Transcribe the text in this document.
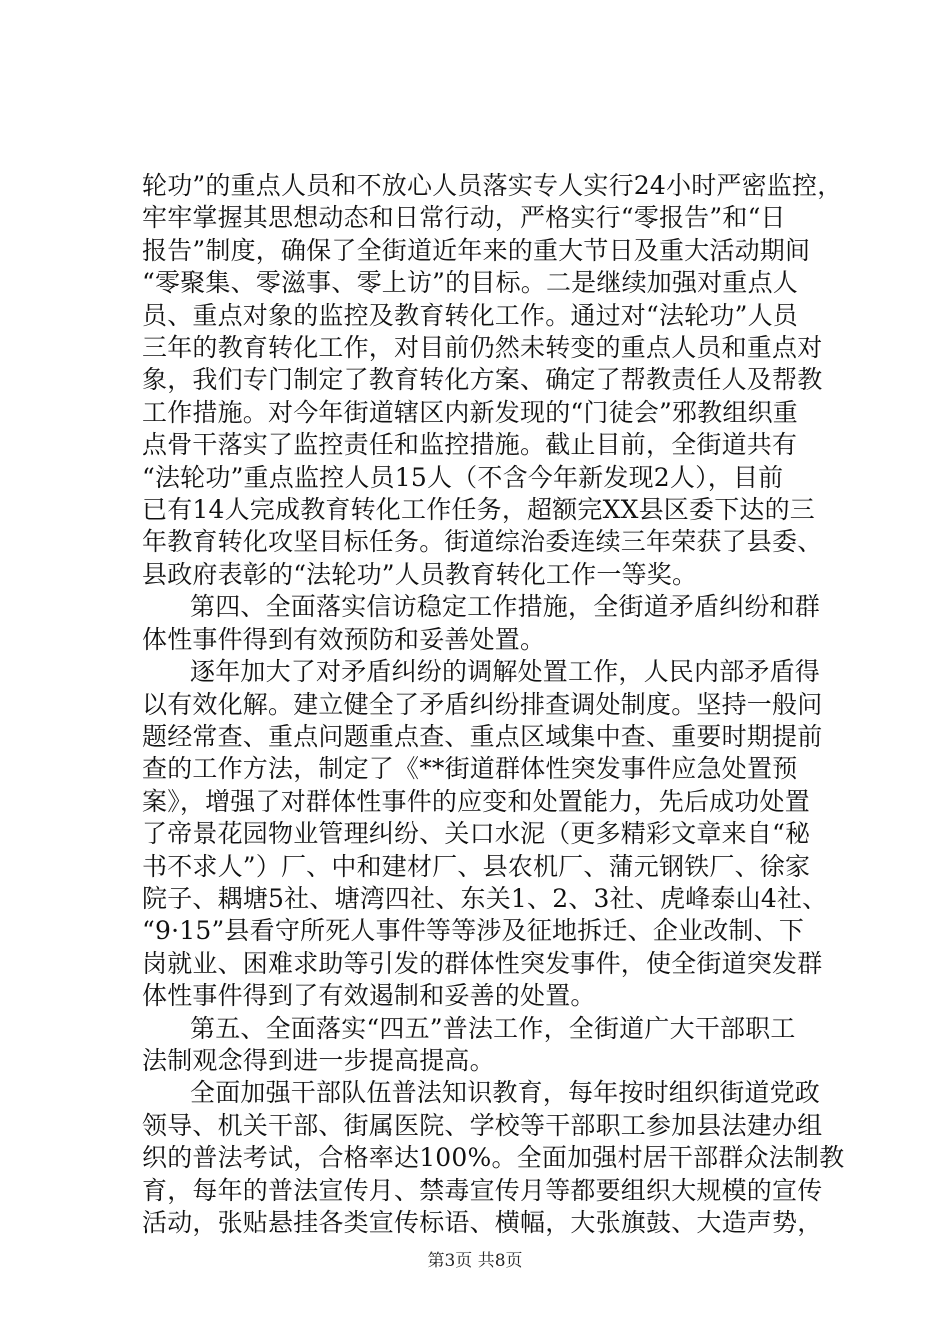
轮功”的重点人员和不放心人员落实专人实行24小时严密监控，
牢牢掌握其思想动态和日常行动，严格实行“零报告”和“日
报告”制度，确保了全街道近年来的重大节日及重大活动期间
“零聚集、零滋事、零上访”的目标。二是继续加强对重点人
员、重点对象的监控及教育转化工作。通过对“法轮功”人员
三年的教育转化工作，对目前仍然未转变的重点人员和重点对
象，我们专门制定了教育转化方案、确定了帮教责任人及帮教
工作措施。对今年街道辖区内新发现的“门徒会”邪教组织重
点骨干落实了监控责任和监控措施。截止目前，全街道共有
“法轮功”重点监控人员15人（不含今年新发现2人），目前
已有14人完成教育转化工作任务，超额完XX县区委下达的三
年教育转化攻坚目标任务。街道综治委连续三年荣获了县委、
县政府表彰的“法轮功”人员教育转化工作一等奖。
第四、全面落实信访稳定工作措施，全街道矛盾纠纷和群
体性事件得到有效预防和妥善处置。
逐年加大了对矛盾纠纷的调解处置工作，人民内部矛盾得
以有效化解。建立健全了矛盾纠纷排查调处制度。坚持一般问
题经常查、重点问题重点查、重点区域集中查、重要时期提前
查的工作方法，制定了《**街道群体性突发事件应急处置预
案》，增强了对群体性事件的应变和处置能力，先后成功处置
了帝景花园物业管理纠纷、关口水泥（更多精彩文章来自“秘
书不求人”）厂、中和建材厂、县农机厂、蒲元钢铁厂、徐家
院子、耦塘5社、塘湾四社、东关1、2、3社、虎峰泰山4社、
“9·15”县看守所死人事件等等涉及征地拆迁、企业改制、下
岗就业、困难求助等引发的群体性突发事件，使全街道突发群
体性事件得到了有效遏制和妥善的处置。
第五、全面落实“四五”普法工作，全街道广大干部职工
法制观念得到进一步提高提高。
全面加强干部队伍普法知识教育，每年按时组织街道党政
领导、机关干部、街属医院、学校等干部职工参加县法建办组
织的普法考试，合格率达100%。全面加强村居干部群众法制教
育，每年的普法宣传月、禁毒宣传月等都要组织大规模的宣传
活动，张贴悬挂各类宣传标语、横幅，大张旗鼓、大造声势，
第3页 共8页
